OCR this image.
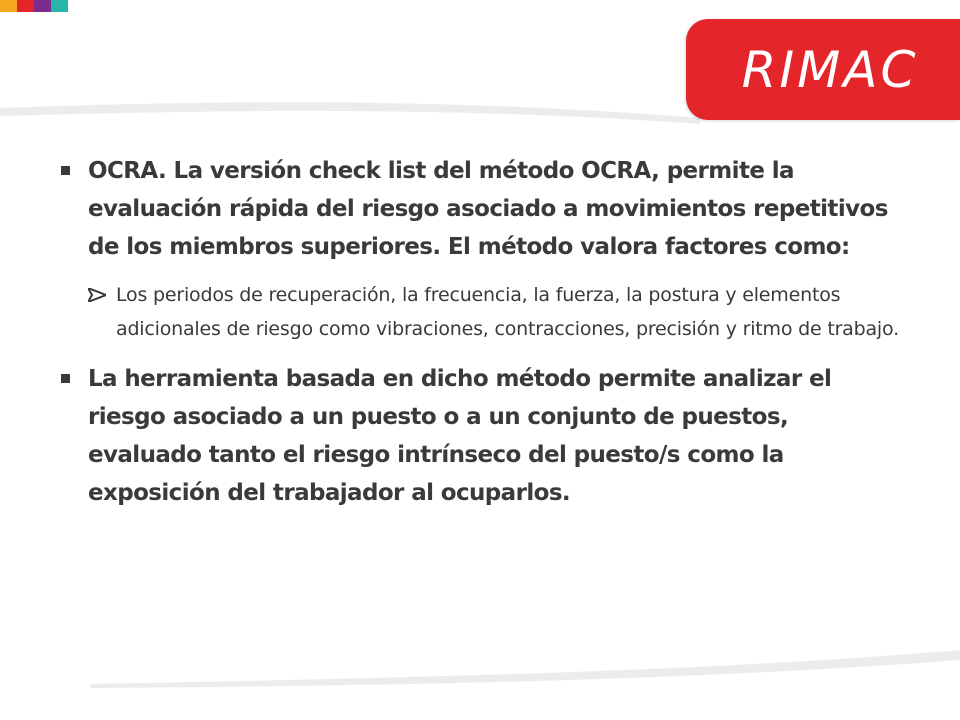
RIMAC
OCRA. La versión check list del método OCRA, permite la evaluación rápida del riesgo asociado a movimientos repetitivos de los miembros superiores. El método valora factores como:
Los periodos de recuperación, la frecuencia, la fuerza, la postura y elementos adicionales de riesgo como vibraciones, contracciones, precisión y ritmo de trabajo.
La herramienta basada en dicho método permite analizar el riesgo asociado a un puesto o a un conjunto de puestos, evaluado tanto el riesgo intrínseco del puesto/s como la exposición del trabajador al ocuparlos.
